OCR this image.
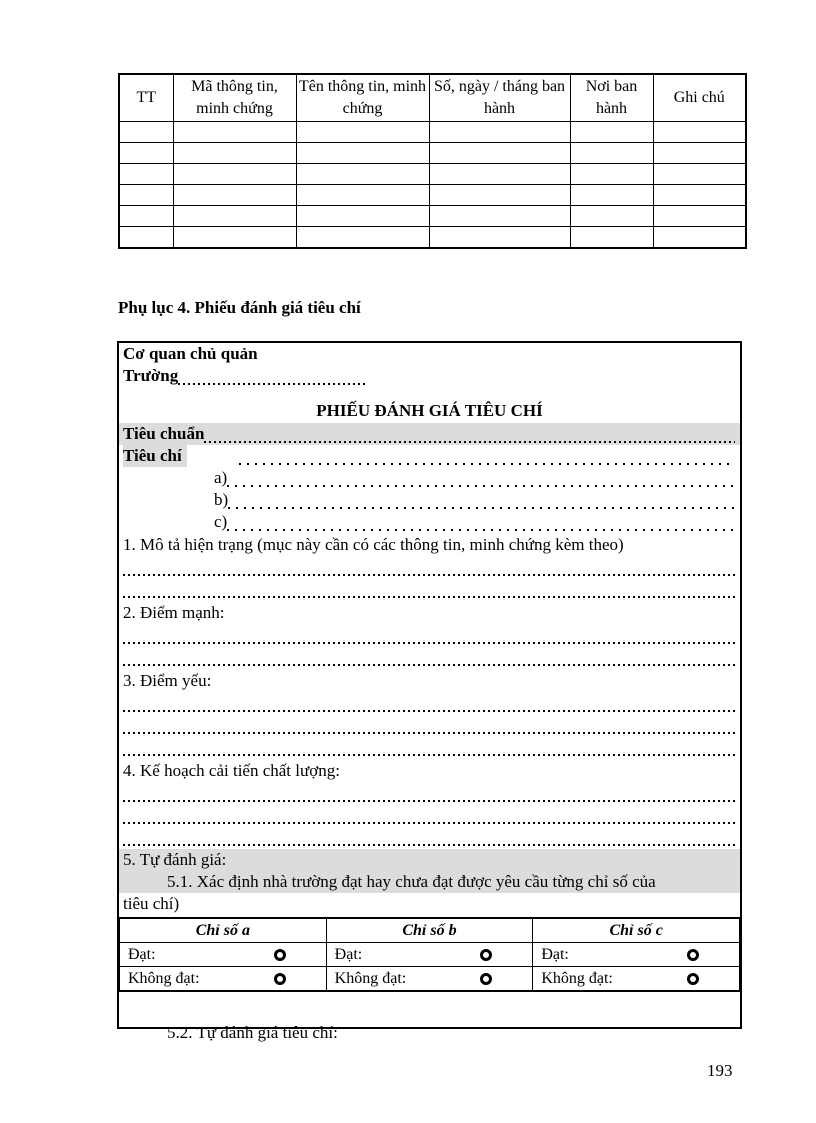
TT	Mã thông tin, minh chứng	Tên thông tin, minh chứng	Số, ngày / tháng ban hành	Nơi ban hành	Ghi chú

Phụ lục 4. Phiếu đánh giá tiêu chí
Cơ quan chủ quản
Trường
PHIẾU ĐÁNH GIÁ TIÊU CHÍ
Tiêu chuẩn
Tiêu chí
a)
b)
c)
1. Mô tả hiện trạng (mục này cần có các thông tin, minh chứng kèm theo)
2. Điểm mạnh:
3. Điểm yếu:
4. Kế hoạch cải tiến chất lượng:
5. Tự đánh giá:
5.1. Xác định nhà trường đạt hay chưa đạt được yêu cầu từng chỉ số của
tiêu chí)
Chỉ số a	Chỉ số b	Chỉ số c
Đạt:	Đạt:	Đạt:

Không đạt:	Không đạt:	Không đạt:
5.2. Tự đánh giá tiêu chí:
193
